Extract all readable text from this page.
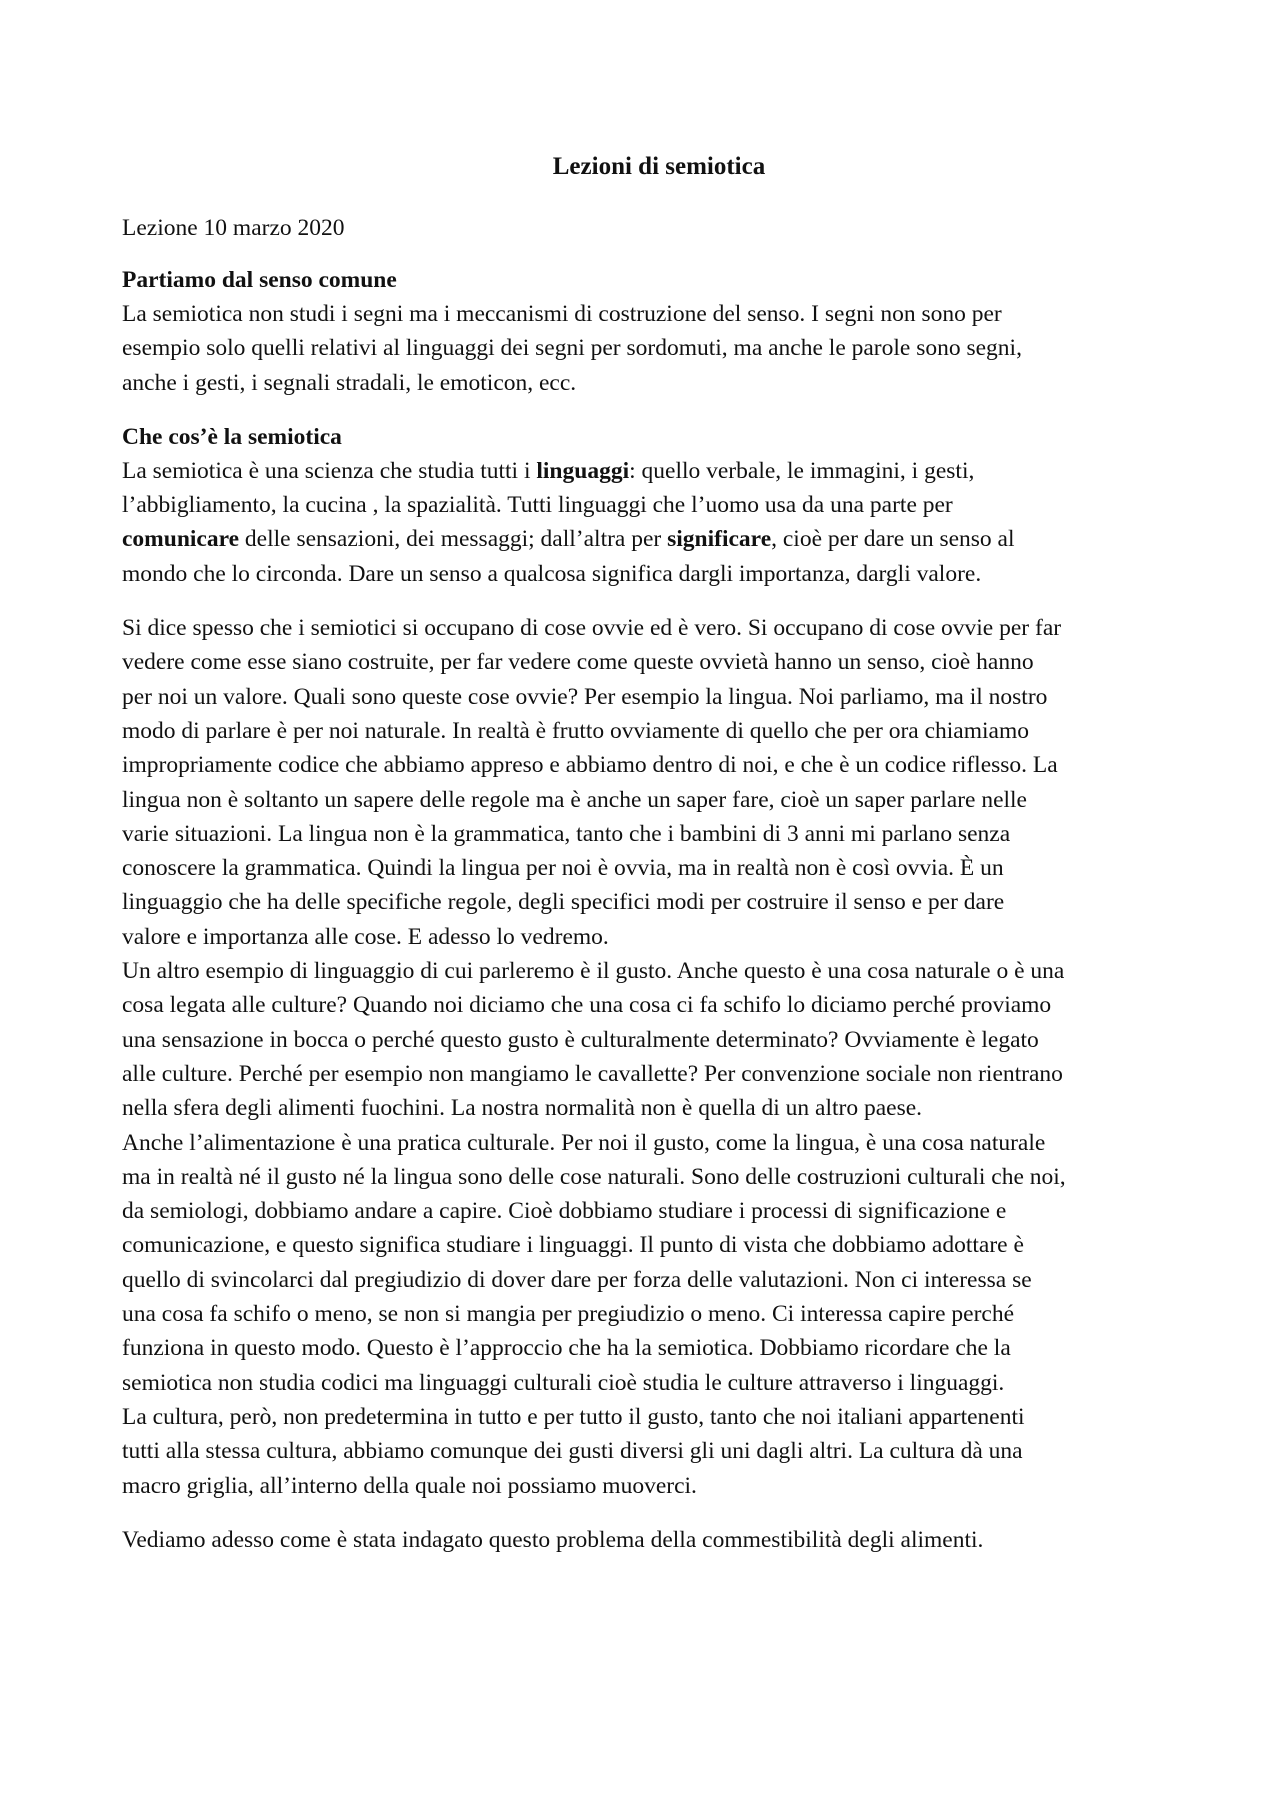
Lezioni di semiotica
Lezione 10 marzo 2020
Partiamo dal senso comune
La semiotica non studi i segni ma i meccanismi di costruzione del senso. I segni non sono per
esempio solo quelli relativi al linguaggi dei segni per sordomuti, ma anche le parole sono segni,
anche i gesti, i segnali stradali, le emoticon, ecc.
Che cos’è la semiotica
La semiotica è una scienza che studia tutti i linguaggi: quello verbale, le immagini, i gesti,
l’abbigliamento, la cucina , la spazialità. Tutti linguaggi che l’uomo usa da una parte per
comunicare delle sensazioni, dei messaggi; dall’altra per significare, cioè per dare un senso al
mondo che lo circonda. Dare un senso a qualcosa significa dargli importanza, dargli valore.
Si dice spesso che i semiotici si occupano di cose ovvie ed è vero. Si occupano di cose ovvie per far
vedere come esse siano costruite, per far vedere come queste ovvietà hanno un senso, cioè hanno
per noi un valore. Quali sono queste cose ovvie? Per esempio la lingua. Noi parliamo, ma il nostro
modo di parlare è per noi naturale. In realtà è frutto ovviamente di quello che per ora chiamiamo
impropriamente codice che abbiamo appreso e abbiamo dentro di noi, e che è un codice riflesso. La
lingua non è soltanto un sapere delle regole ma è anche un saper fare, cioè un saper parlare nelle
varie situazioni. La lingua non è la grammatica, tanto che i bambini di 3 anni mi parlano senza
conoscere la grammatica. Quindi la lingua per noi è ovvia, ma in realtà non è così ovvia. È un
linguaggio che ha delle specifiche regole, degli specifici modi per costruire il senso e per dare
valore e importanza alle cose. E adesso lo vedremo.
Un altro esempio di linguaggio di cui parleremo è il gusto. Anche questo è una cosa naturale o è una
cosa legata alle culture? Quando noi diciamo che una cosa ci fa schifo lo diciamo perché proviamo
una sensazione in bocca o perché questo gusto è culturalmente determinato? Ovviamente è legato
alle culture. Perché per esempio non mangiamo le cavallette? Per convenzione sociale non rientrano
nella sfera degli alimenti fuochini. La nostra normalità non è quella di un altro paese.
Anche l’alimentazione è una pratica culturale. Per noi il gusto, come la lingua, è una cosa naturale
ma in realtà né il gusto né la lingua sono delle cose naturali. Sono delle costruzioni culturali che noi,
da semiologi, dobbiamo andare a capire. Cioè dobbiamo studiare i processi di significazione e
comunicazione, e questo significa studiare i linguaggi. Il punto di vista che dobbiamo adottare è
quello di svincolarci dal pregiudizio di dover dare per forza delle valutazioni. Non ci interessa se
una cosa fa schifo o meno, se non si mangia per pregiudizio o meno. Ci interessa capire perché
funziona in questo modo. Questo è l’approccio che ha la semiotica. Dobbiamo ricordare che la
semiotica non studia codici ma linguaggi culturali cioè studia le culture attraverso i linguaggi.
La cultura, però, non predetermina in tutto e per tutto il gusto, tanto che noi italiani appartenenti
tutti alla stessa cultura, abbiamo comunque dei gusti diversi gli uni dagli altri. La cultura dà una
macro griglia, all’interno della quale noi possiamo muoverci.
Vediamo adesso come è stata indagato questo problema della commestibilità degli alimenti.
